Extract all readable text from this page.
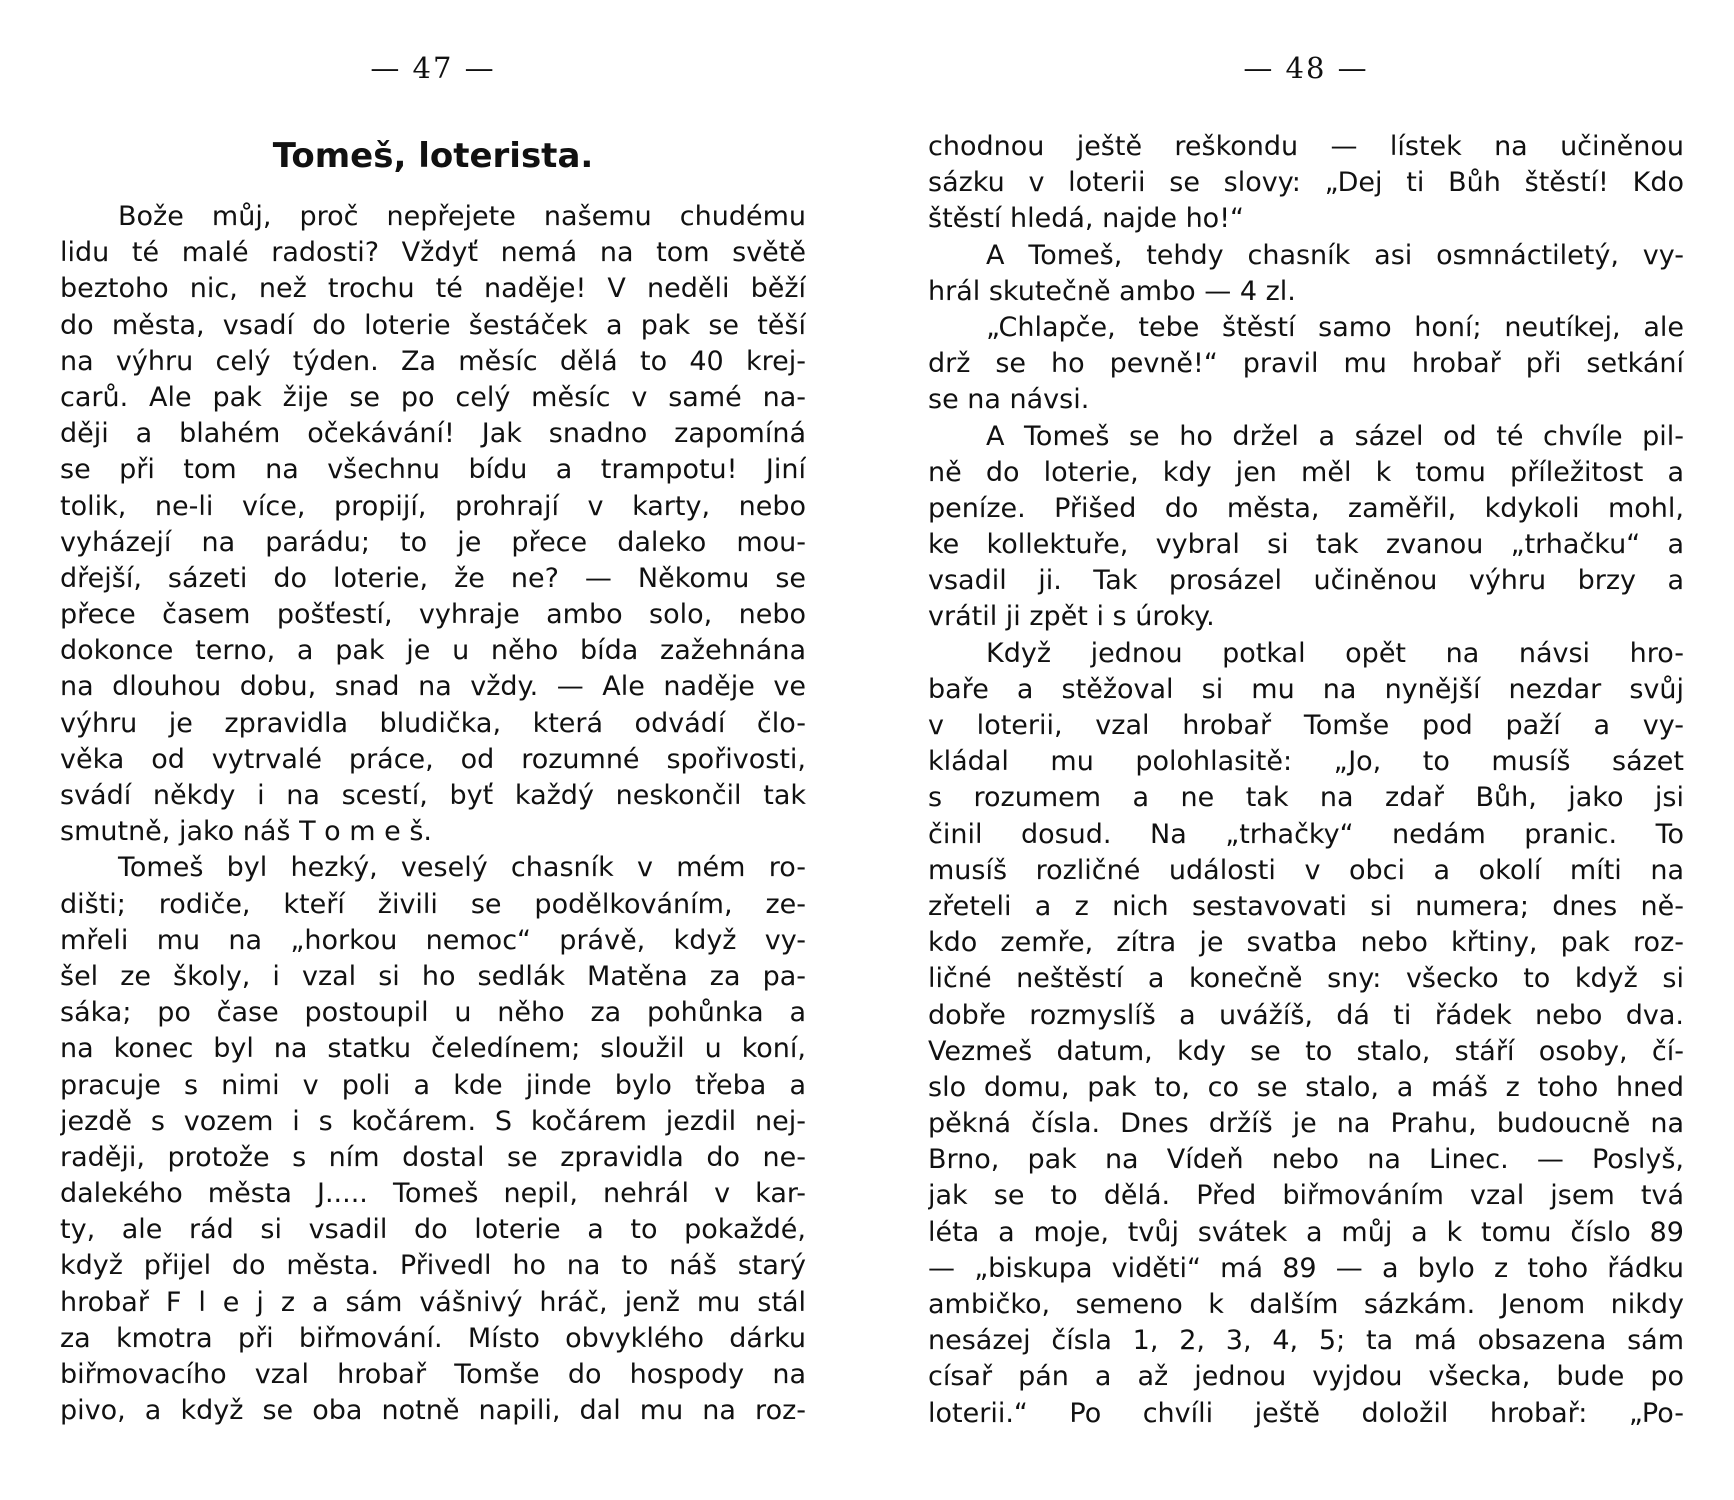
— 47 —
Tomeš, loterista.
Bože můj, proč nepřejete našemu chudému
lidu té malé radosti? Vždyť nemá na tom světě
beztoho nic, než trochu té naděje! V neděli běží
do města, vsadí do loterie šestáček a pak se těší
na výhru celý týden. Za měsíc dělá to 40 krej-
carů. Ale pak žije se po celý měsíc v samé na-
ději a blahém očekávání! Jak snadno zapomíná
se při tom na všechnu bídu a trampotu! Jiní
tolik, ne-li více, propijí, prohrají v karty, nebo
vyházejí na parádu; to je přece daleko mou-
dřejší, sázeti do loterie, že ne? — Někomu se
přece časem pošťestí, vyhraje ambo solo, nebo
dokonce terno, a pak je u něho bída zažehnána
na dlouhou dobu, snad na vždy. — Ale naděje ve
výhru je zpravidla bludička, která odvádí člo-
věka od vytrvalé práce, od rozumné spořivosti,
svádí někdy i na scestí, byť každý neskončil tak
smutně, jako náš T o m e š.
Tomeš byl hezký, veselý chasník v mém ro-
dišti; rodiče, kteří živili se podělkováním, ze-
mřeli mu na „horkou nemoc“ právě, když vy-
šel ze školy, i vzal si ho sedlák Matěna za pa-
sáka; po čase postoupil u něho za pohůnka a
na konec byl na statku čeledínem; sloužil u koní,
pracuje s nimi v poli a kde jinde bylo třeba a
jezdě s vozem i s kočárem. S kočárem jezdil nej-
raději, protože s ním dostal se zpravidla do ne-
dalekého města J..... Tomeš nepil, nehrál v kar-
ty, ale rád si vsadil do loterie a to pokaždé,
když přijel do města. Přivedl ho na to náš starý
hrobař F l e j z a sám vášnivý hráč, jenž mu stál
za kmotra při biřmování. Místo obvyklého dárku
biřmovacího vzal hrobař Tomše do hospody na
pivo, a když se oba notně napili, dal mu na roz-
— 48 —
chodnou ještě reškondu — lístek na učiněnou
sázku v loterii se slovy: „Dej ti Bůh štěstí! Kdo
štěstí hledá, najde ho!“
A Tomeš, tehdy chasník asi osmnáctiletý, vy-
hrál skutečně ambo — 4 zl.
„Chlapče, tebe štěstí samo honí; neutíkej, ale
drž se ho pevně!“ pravil mu hrobař při setkání
se na návsi.
A Tomeš se ho držel a sázel od té chvíle pil-
ně do loterie, kdy jen měl k tomu příležitost a
peníze. Přišed do města, zaměřil, kdykoli mohl,
ke kollektuře, vybral si tak zvanou „trhačku“ a
vsadil ji. Tak prosázel učiněnou výhru brzy a
vrátil ji zpět i s úroky.
Když jednou potkal opět na návsi hro-
baře a stěžoval si mu na nynější nezdar svůj
v loterii, vzal hrobař Tomše pod paží a vy-
kládal mu polohlasitě: „Jo, to musíš sázet
s rozumem a ne tak na zdař Bůh, jako jsi
činil dosud. Na „trhačky“ nedám pranic. To
musíš rozličné události v obci a okolí míti na
zřeteli a z nich sestavovati si numera; dnes ně-
kdo zemře, zítra je svatba nebo křtiny, pak roz-
ličné neštěstí a konečně sny: všecko to když si
dobře rozmyslíš a uvážíš, dá ti řádek nebo dva.
Vezmeš datum, kdy se to stalo, stáří osoby, čí-
slo domu, pak to, co se stalo, a máš z toho hned
pěkná čísla. Dnes držíš je na Prahu, budoucně na
Brno, pak na Vídeň nebo na Linec. — Poslyš,
jak se to dělá. Před biřmováním vzal jsem tvá
léta a moje, tvůj svátek a můj a k tomu číslo 89
— „biskupa viděti“ má 89 — a bylo z toho řádku
ambičko, semeno k dalším sázkám. Jenom nikdy
nesázej čísla 1, 2, 3, 4, 5; ta má obsazena sám
císař pán a až jednou vyjdou všecka, bude po
loterii.“ Po chvíli ještě doložil hrobař: „Po-
